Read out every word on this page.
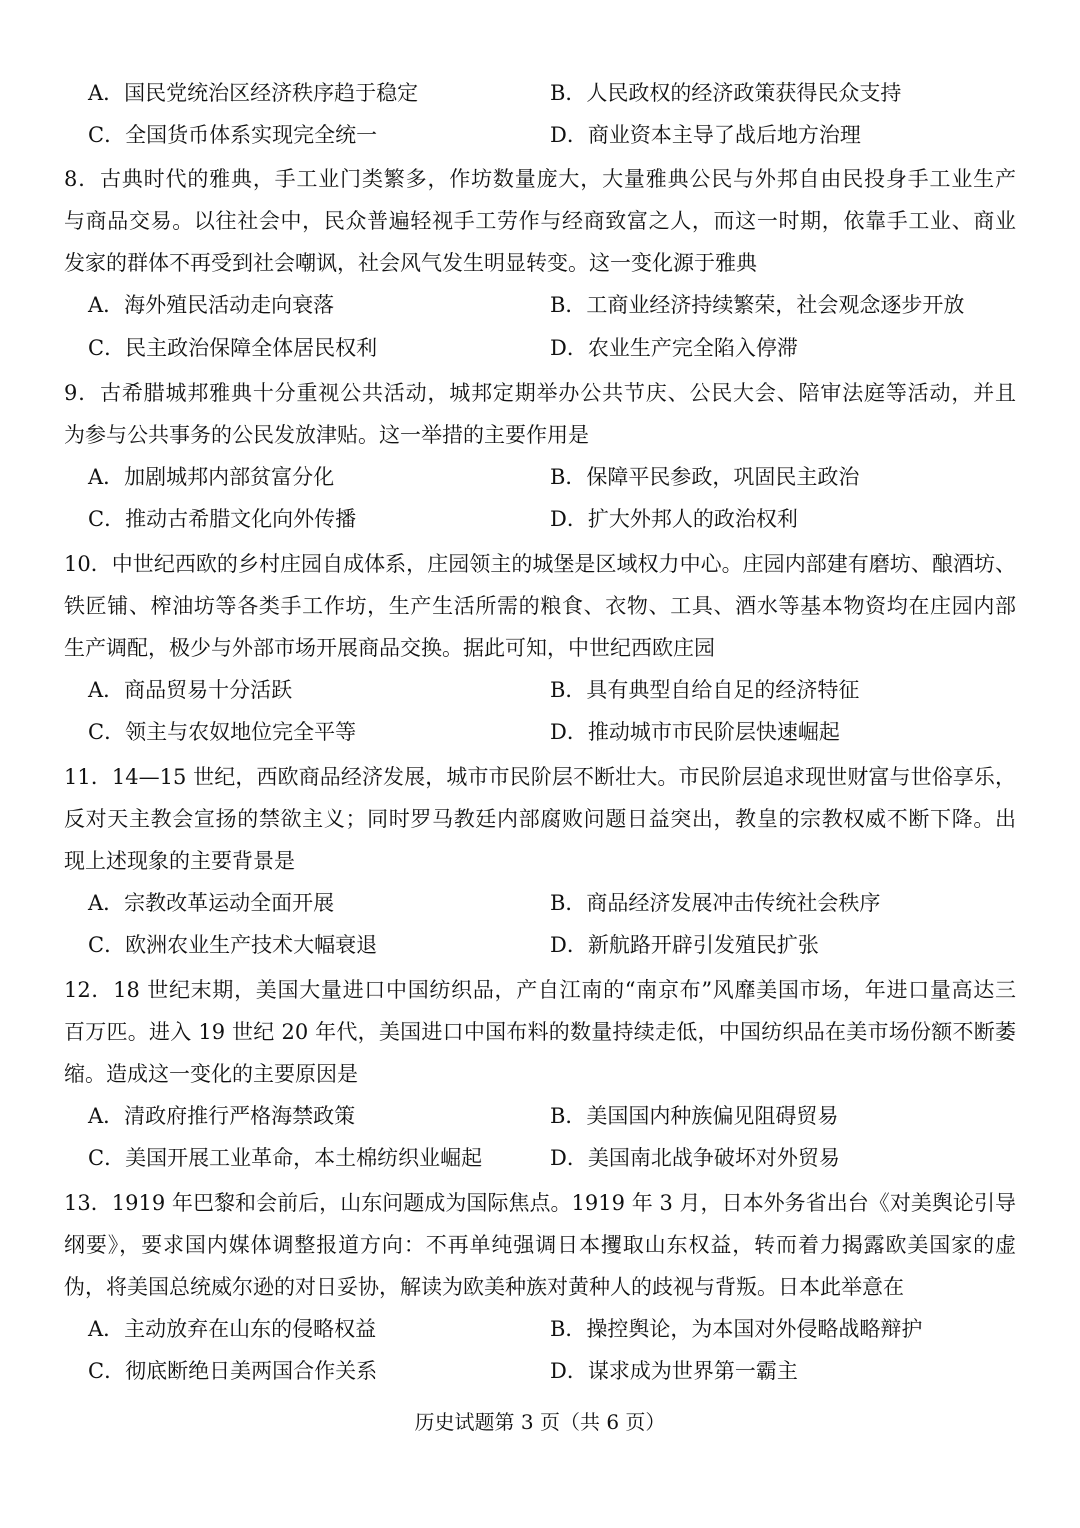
A．国民党统治区经济秩序趋于稳定	B．人民政权的经济政策获得民众支持
C．全国货币体系实现完全统一	D．商业资本主导了战后地方治理
8．古典时代的雅典，手工业门类繁多，作坊数量庞大，大量雅典公民与外邦自由民投身手工业生产
与商品交易。以往社会中，民众普遍轻视手工劳作与经商致富之人，而这一时期，依靠手工业、商业
发家的群体不再受到社会嘲讽，社会风气发生明显转变。这一变化源于雅典
A．海外殖民活动走向衰落	B．工商业经济持续繁荣，社会观念逐步开放
C．民主政治保障全体居民权利	D．农业生产完全陷入停滞
9．古希腊城邦雅典十分重视公共活动，城邦定期举办公共节庆、公民大会、陪审法庭等活动，并且
为参与公共事务的公民发放津贴。这一举措的主要作用是
A．加剧城邦内部贫富分化	B．保障平民参政，巩固民主政治
C．推动古希腊文化向外传播	D．扩大外邦人的政治权利
10．中世纪西欧的乡村庄园自成体系，庄园领主的城堡是区域权力中心。庄园内部建有磨坊、酿酒坊、
铁匠铺、榨油坊等各类手工作坊，生产生活所需的粮食、衣物、工具、酒水等基本物资均在庄园内部
生产调配，极少与外部市场开展商品交换。据此可知，中世纪西欧庄园
A．商品贸易十分活跃	B．具有典型自给自足的经济特征
C．领主与农奴地位完全平等	D．推动城市市民阶层快速崛起
11．14—15 世纪，西欧商品经济发展，城市市民阶层不断壮大。市民阶层追求现世财富与世俗享乐，
反对天主教会宣扬的禁欲主义；同时罗马教廷内部腐败问题日益突出，教皇的宗教权威不断下降。出
现上述现象的主要背景是
A．宗教改革运动全面开展	B．商品经济发展冲击传统社会秩序
C．欧洲农业生产技术大幅衰退	D．新航路开辟引发殖民扩张
12．18 世纪末期，美国大量进口中国纺织品，产自江南的“南京布”风靡美国市场，年进口量高达三
百万匹。进入 19 世纪 20 年代，美国进口中国布料的数量持续走低，中国纺织品在美市场份额不断萎
缩。造成这一变化的主要原因是
A．清政府推行严格海禁政策	B．美国国内种族偏见阻碍贸易
C．美国开展工业革命，本土棉纺织业崛起	D．美国南北战争破坏对外贸易
13．1919 年巴黎和会前后，山东问题成为国际焦点。1919 年 3 月，日本外务省出台《对美舆论引导
纲要》，要求国内媒体调整报道方向：不再单纯强调日本攫取山东权益，转而着力揭露欧美国家的虚
伪，将美国总统威尔逊的对日妥协，解读为欧美种族对黄种人的歧视与背叛。日本此举意在
A．主动放弃在山东的侵略权益	B．操控舆论，为本国对外侵略战略辩护
C．彻底断绝日美两国合作关系	D．谋求成为世界第一霸主
历史试题第 3 页（共 6 页）
